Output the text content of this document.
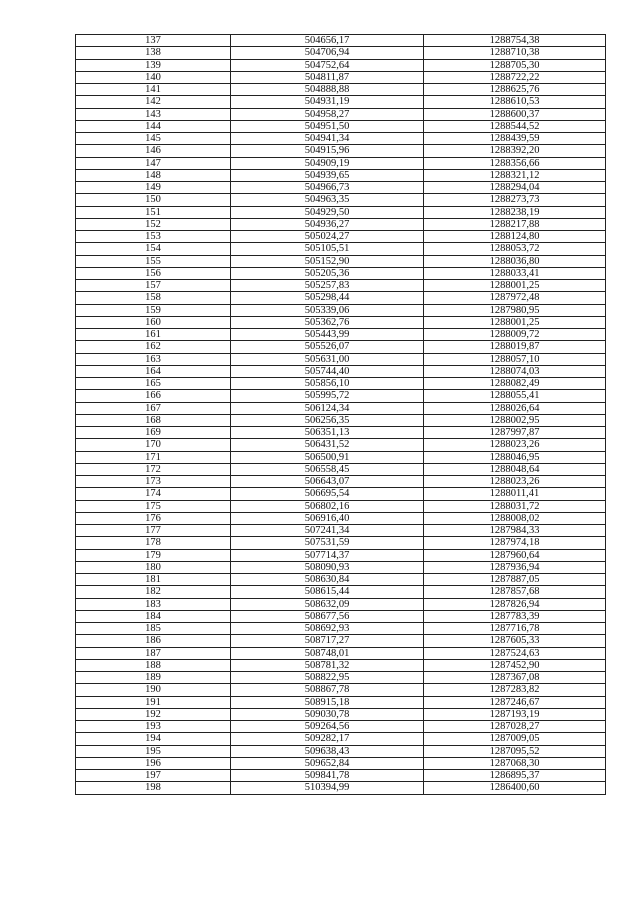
137	504656,17	1288754,38
138	504706,94	1288710,38
139	504752,64	1288705,30
140	504811,87	1288722,22
141	504888,88	1288625,76
142	504931,19	1288610,53
143	504958,27	1288600,37
144	504951,50	1288544,52
145	504941,34	1288439,59
146	504915,96	1288392,20
147	504909,19	1288356,66
148	504939,65	1288321,12
149	504966,73	1288294,04
150	504963,35	1288273,73
151	504929,50	1288238,19
152	504936,27	1288217,88
153	505024,27	1288124,80
154	505105,51	1288053,72
155	505152,90	1288036,80
156	505205,36	1288033,41
157	505257,83	1288001,25
158	505298,44	1287972,48
159	505339,06	1287980,95
160	505362,76	1288001,25
161	505443,99	1288009,72
162	505526,07	1288019,87
163	505631,00	1288057,10
164	505744,40	1288074,03
165	505856,10	1288082,49
166	505995,72	1288055,41
167	506124,34	1288026,64
168	506256,35	1288002,95
169	506351,13	1287997,87
170	506431,52	1288023,26
171	506500,91	1288046,95
172	506558,45	1288048,64
173	506643,07	1288023,26
174	506695,54	1288011,41
175	506802,16	1288031,72
176	506916,40	1288008,02
177	507241,34	1287984,33
178	507531,59	1287974,18
179	507714,37	1287960,64
180	508090,93	1287936,94
181	508630,84	1287887,05
182	508615,44	1287857,68
183	508632,09	1287826,94
184	508677,56	1287783,39
185	508692,93	1287716,78
186	508717,27	1287605,33
187	508748,01	1287524,63
188	508781,32	1287452,90
189	508822,95	1287367,08
190	508867,78	1287283,82
191	508915,18	1287246,67
192	509030,78	1287193,19
193	509264,56	1287028,27
194	509282,17	1287009,05
195	509638,43	1287095,52
196	509652,84	1287068,30
197	509841,78	1286895,37
198	510394,99	1286400,60
